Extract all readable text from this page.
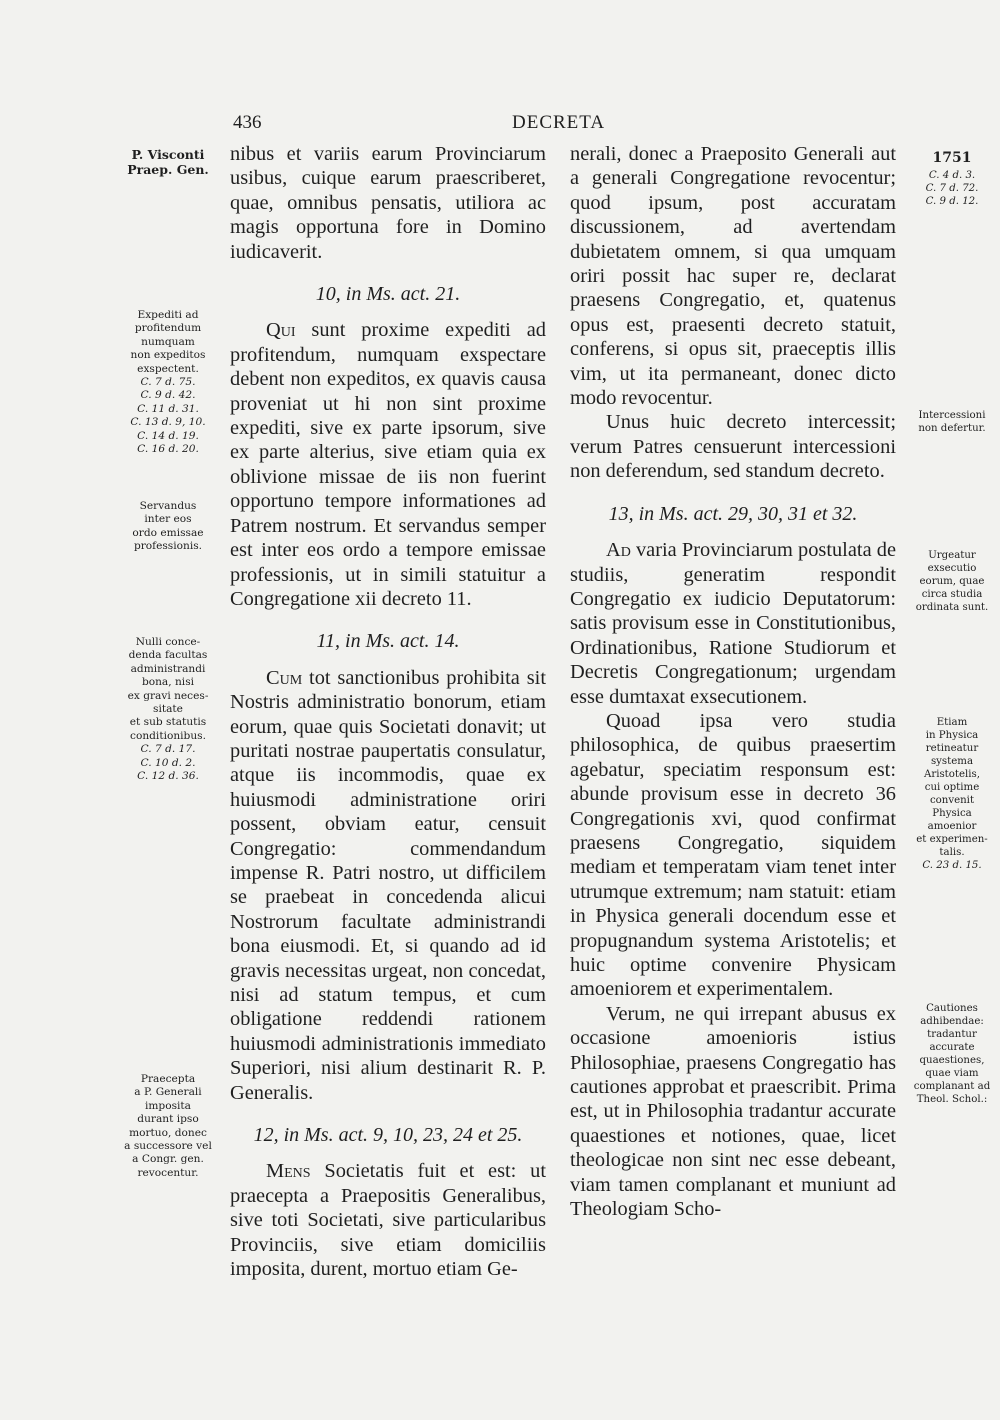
436	DECRETA
P. Visconti
Praep. Gen.
Expediti ad
profitendum
numquam
non expeditos
exspectent.
C. 7 d. 75.
C. 9 d. 42.
C. 11 d. 31.
C. 13 d. 9, 10.
C. 14 d. 19.
C. 16 d. 20.
Servandus
inter eos
ordo emissae
professionis.
Nulli conce-
denda facultas
administrandi
bona, nisi
ex gravi neces-
sitate
et sub statutis
conditionibus.
C. 7 d. 17.
C. 10 d. 2.
C. 12 d. 36.
Praecepta
a P. Generali
imposita
durant ipso
mortuo, donec
a successore vel
a Congr. gen.
revocentur.
1751
C. 4 d. 3.
C. 7 d. 72.
C. 9 d. 12.
Intercessioni
non defertur.
Urgeatur
exsecutio
eorum, quae
circa studia
ordinata sunt.
Etiam
in Physica
retineatur
systema
Aristotelis,
cui optime
convenit
Physica
amoenior
et experimen-
talis.
C. 23 d. 15.
Cautiones
adhibendae:
tradantur
accurate
quaestiones,
quae viam
complanant ad
Theol. Schol.:

nibus et variis earum Provinciarum usibus, cuique earum praescriberet, quae, omnibus pensatis, utiliora ac magis opportuna fore in Domino iudicaverit.

10, in Ms. act. 21.

Qui sunt proxime expediti ad profitendum, numquam exspectare debent non expeditos, ex quavis causa proveniat ut hi non sint proxime expediti, sive ex parte ipsorum, sive ex parte alterius, sive etiam quia ex oblivione missae de iis non fuerint opportuno tempore informationes ad Patrem nostrum. Et servandus semper est inter eos ordo a tempore emissae professionis, ut in simili statuitur a Congregatione xii decreto 11.

11, in Ms. act. 14.

Cum tot sanctionibus prohibita sit Nostris administratio bonorum, etiam eorum, quae quis Societati donavit; ut puritati nostrae paupertatis consulatur, atque iis incommodis, quae ex huiusmodi administratione oriri possent, obviam eatur, censuit Congregatio: commendandum impense R. Patri nostro, ut difficilem se praebeat in concedenda alicui Nostrorum facultate administrandi bona eiusmodi. Et, si quando ad id gravis necessitas urgeat, non concedat, nisi ad statum tempus, et cum obligatione reddendi rationem huiusmodi administrationis immediato Superiori, nisi alium destinarit R. P. Generalis.

12, in Ms. act. 9, 10, 23, 24 et 25.

Mens Societatis fuit et est: ut praecepta a Praepositis Generalibus, sive toti Societati, sive particularibus Provinciis, sive etiam domiciliis imposita, durent, mortuo etiam Ge-

nerali, donec a Praeposito Generali aut a generali Congregatione revocentur; quod ipsum, post accuratam discussionem, ad avertendam dubietatem omnem, si qua umquam oriri possit hac super re, declarat praesens Congregatio, et, quatenus opus est, praesenti decreto statuit, conferens, si opus sit, praeceptis illis vim, ut ita permaneant, donec dicto modo revocentur.

Unus huic decreto intercessit; verum Patres censuerunt intercessioni non deferendum, sed standum decreto.

13, in Ms. act. 29, 30, 31 et 32.

Ad varia Provinciarum postulata de studiis, generatim respondit Congregatio ex iudicio Deputatorum: satis provisum esse in Constitutionibus, Ordinationibus, Ratione Studiorum et Decretis Congregationum; urgendam esse dumtaxat exsecutionem.

Quoad ipsa vero studia philosophica, de quibus praesertim agebatur, speciatim responsum est: abunde provisum esse in decreto 36 Congregationis xvi, quod confirmat praesens Congregatio, siquidem mediam et temperatam viam tenet inter utrumque extremum; nam statuit: etiam in Physica generali docendum esse et propugnandum systema Aristotelis; et huic optime convenire Physicam amoeniorem et experimentalem.

Verum, ne qui irrepant abusus ex occasione amoenioris istius Philosophiae, praesens Congregatio has cautiones approbat et praescribit. Prima est, ut in Philosophia tradantur accurate quaestiones et notiones, quae, licet theologicae non sint nec esse debeant, viam tamen complanant et muniunt ad Theologiam Scho-
